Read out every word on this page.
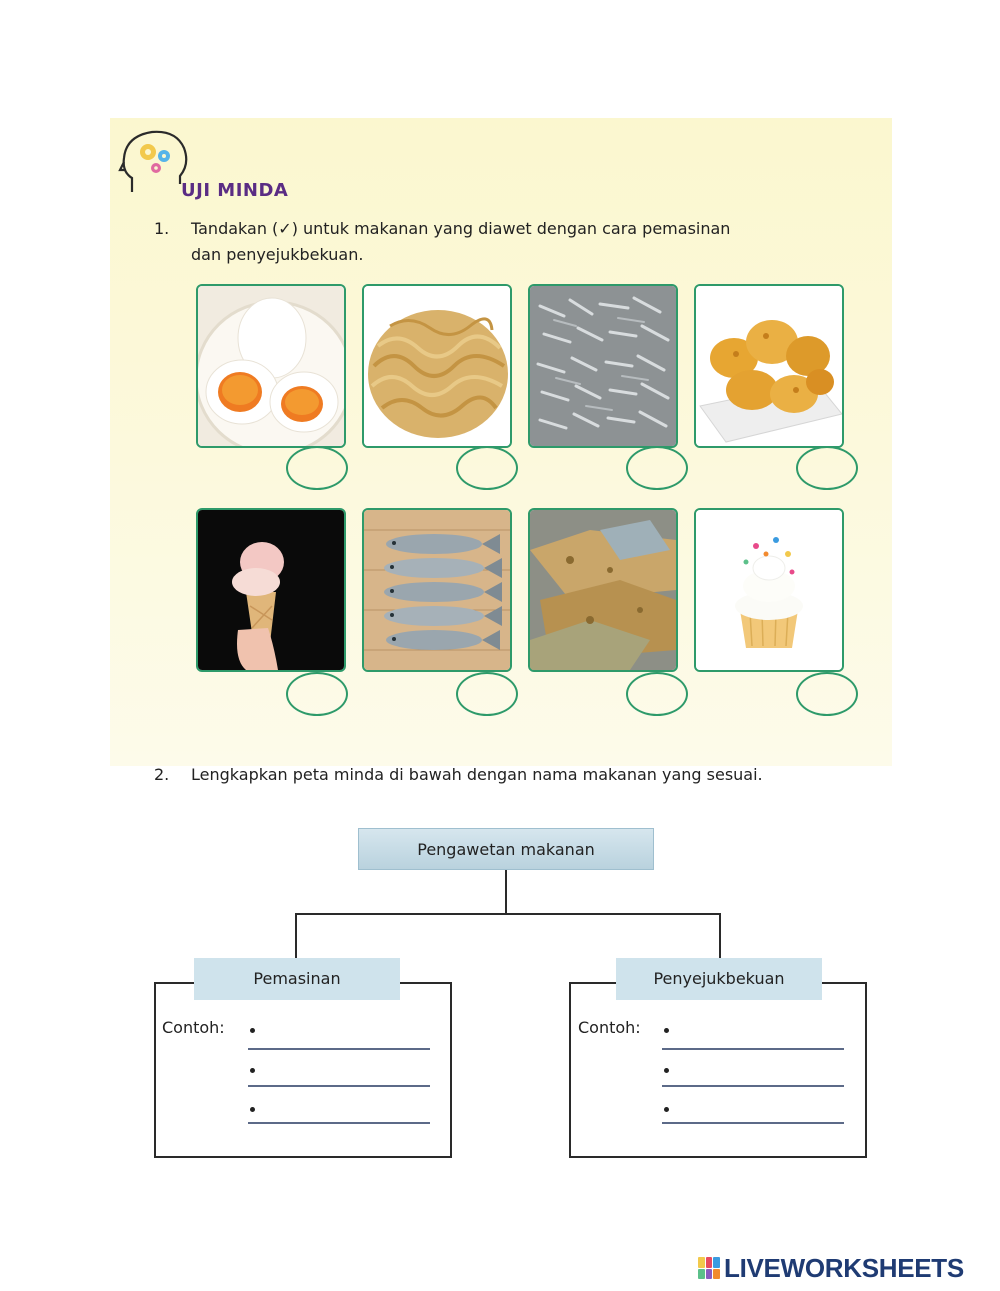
UJI MINDA
1. Tandakan (✓) untuk makanan yang diawet dengan cara pemasinan
dan penyejukbekuan.
2. Lengkapkan peta minda di bawah dengan nama makanan yang sesuai.
Pengawetan makanan
Pemasinan
Contoh:
Penyejukbekuan
Contoh:
LIVEWORKSHEETS
